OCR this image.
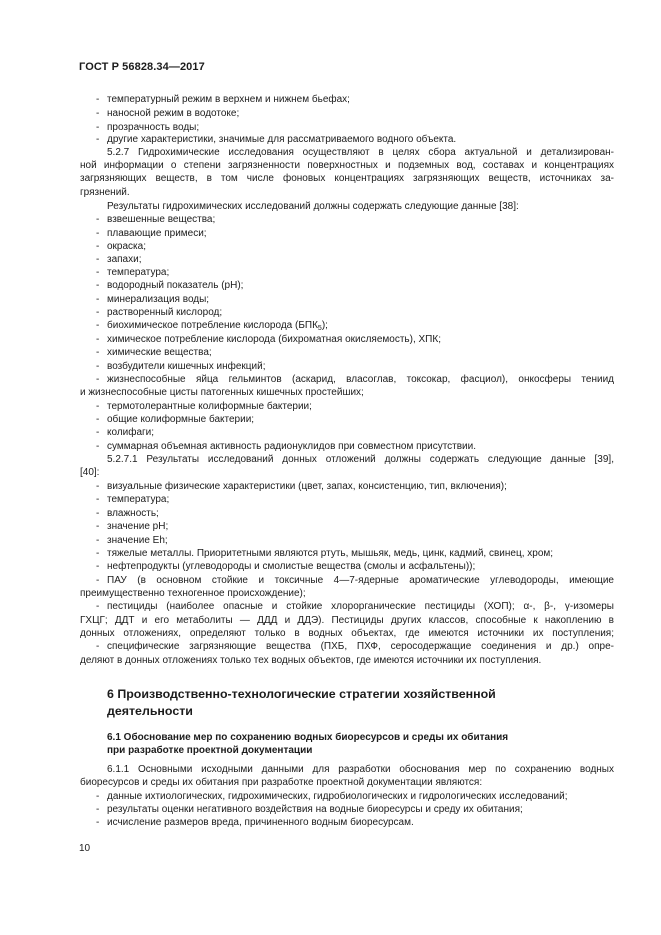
ГОСТ Р 56828.34—2017
- температурный режим в верхнем и нижнем бьефах;
- наносной режим в водотоке;
- прозрачность воды;
- другие характеристики, значимые для рассматриваемого водного объекта.
5.2.7 Гидрохимические исследования осуществляют в целях сбора актуальной и детализирован-
ной информации о степени загрязненности поверхностных и подземных вод, составах и концентрациях
загрязняющих веществ, в том числе фоновых концентрациях загрязняющих веществ, источниках за-
грязнений.
Результаты гидрохимических исследований должны содержать следующие данные [38]:
- взвешенные вещества;
- плавающие примеси;
- окраска;
- запахи;
- температура;
- водородный показатель (pH);
- минерализация воды;
- растворенный кислород;
- биохимическое потребление кислорода $(БПК_5)$;
- химическое потребление кислорода (бихроматная окисляемость), ХПК;
- химические вещества;
- возбудители кишечных инфекций;
- жизнеспособные яйца гельминтов (аскарид, власоглав, токсокар, фасциол), онкосферы тениид
и жизнеспособные цисты патогенных кишечных простейших;
- термотолерантные колиформные бактерии;
- общие колиформные бактерии;
- колифаги;
- суммарная объемная активность радионуклидов при совместном присутствии.
5.2.7.1 Результаты исследований донных отложений должны содержать следующие данные [39],
[40]:
- визуальные физические характеристики (цвет, запах, консистенцию, тип, включения);
- температура;
- влажность;
- значение pH;
- значение Eh;
- тяжелые металлы. Приоритетными являются ртуть, мышьяк, медь, цинк, кадмий, свинец, хром;
- нефтепродукты (углеводороды и смолистые вещества (смолы и асфальтены));
- ПАУ (в основном стойкие и токсичные 4—7-ядерные ароматические углеводороды, имеющие
преимущественно техногенное происхождение);
- пестициды (наиболее опасные и стойкие хлорорганические пестициды (ХОП); α-, β-, γ-изомеры
ГХЦГ; ДДТ и его метаболиты — ДДД и ДДЭ). Пестициды других классов, способные к накоплению в
донных отложениях, определяют только в водных объектах, где имеются источники их поступления;
- специфические загрязняющие вещества (ПХБ, ПХФ, серосодержащие соединения и др.) опре-
деляют в донных отложениях только тех водных объектов, где имеются источники их поступления.
6 Производственно-технологические стратегии хозяйственной
деятельности
6.1 Обоснование мер по сохранению водных биоресурсов и среды их обитания
при разработке проектной документации
6.1.1 Основными исходными данными для разработки обоснования мер по сохранению водных
биоресурсов и среды их обитания при разработке проектной документации являются:
- данные ихтиологических, гидрохимических, гидробиологических и гидрологических исследований;
- результаты оценки негативного воздействия на водные биоресурсы и среду их обитания;
- исчисление размеров вреда, причиненного водным биоресурсам.
10
